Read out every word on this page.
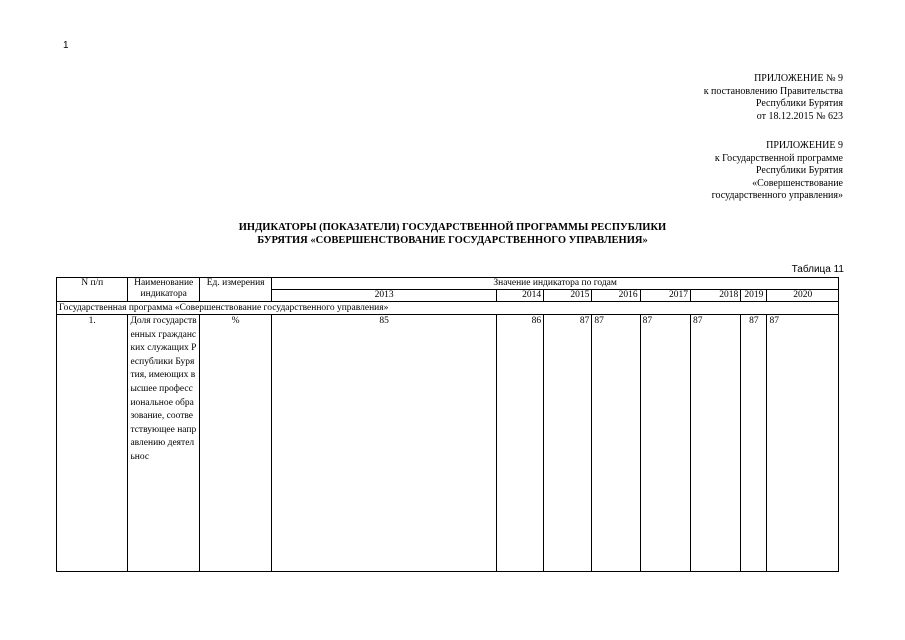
1
ПРИЛОЖЕНИЕ № 9
к постановлению Правительства
Республики Бурятия
от 18.12.2015 № 623
ПРИЛОЖЕНИЕ 9
к Государственной программе
Республики Бурятия
«Совершенствование
государственного управления»
ИНДИКАТОРЫ (ПОКАЗАТЕЛИ) ГОСУДАРСТВЕННОЙ ПРОГРАММЫ РЕСПУБЛИКИ
БУРЯТИЯ «СОВЕРШЕНСТВОВАНИЕ ГОСУДАРСТВЕННОГО УПРАВЛЕНИЯ»
Таблица 11
N п/п	Наименование индикатора	Ед. измерения	Значение индикатора по годам							
			2013	2014	2015	2016	2017	2018	2019	2020
Государственная программа «Совершенствование государственного управления»										
1.	Доля государственных гражданских служащих Республики Бурятия, имеющих высшее профессиональное образование, соответствующее направлению деятельнос	%	85	86	87	87	87	87	87	87
